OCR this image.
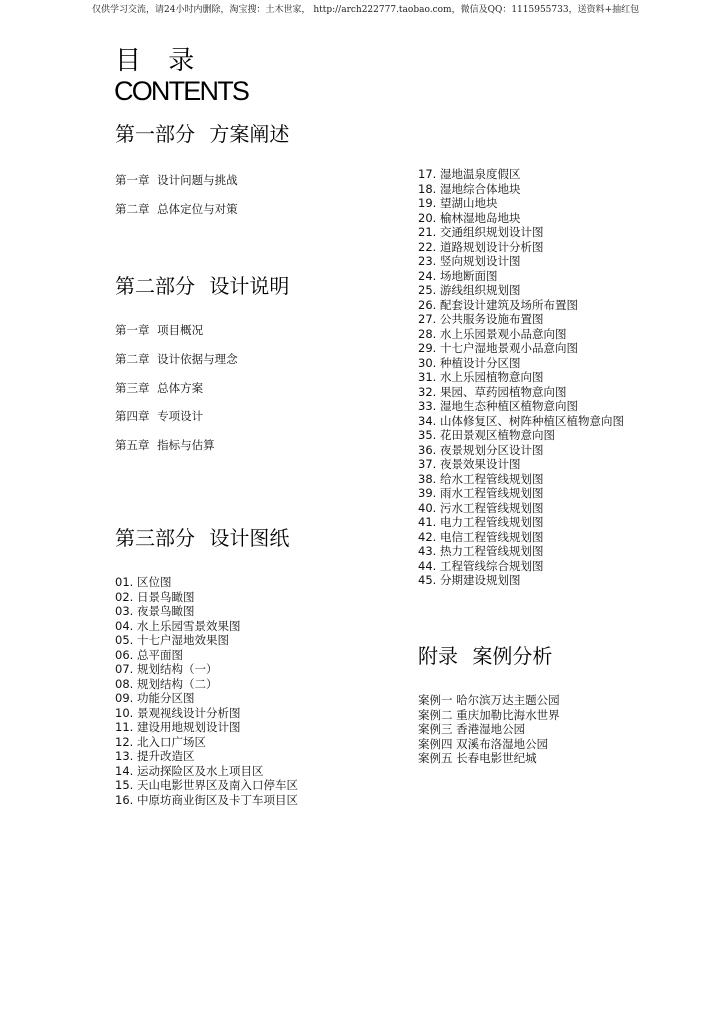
仅供学习交流，请24小时内删除，淘宝搜：土木世家， http://arch222777.taobao.com，微信及QQ：1115955733，送资料+抽红包
目 录
CONTENTS
第一部分 方案阐述
第一章 设计问题与挑战
第二章 总体定位与对策
第二部分 设计说明
第一章 项目概况
第二章 设计依据与理念
第三章 总体方案
第四章 专项设计
第五章 指标与估算
第三部分 设计图纸
01. 区位图
02. 日景鸟瞰图
03. 夜景鸟瞰图
04. 水上乐园雪景效果图
05. 十七户湿地效果图
06. 总平面图
07. 规划结构（一）
08. 规划结构（二）
09. 功能分区图
10. 景观视线设计分析图
11. 建设用地规划设计图
12. 北入口广场区
13. 提升改造区
14. 运动探险区及水上项目区
15. 天山电影世界区及南入口停车区
16. 中原坊商业街区及卡丁车项目区
17. 湿地温泉度假区
18. 湿地综合体地块
19. 望湖山地块
20. 榆林湿地岛地块
21. 交通组织规划设计图
22. 道路规划设计分析图
23. 竖向规划设计图
24. 场地断面图
25. 游线组织规划图
26. 配套设计建筑及场所布置图
27. 公共服务设施布置图
28. 水上乐园景观小品意向图
29. 十七户湿地景观小品意向图
30. 种植设计分区图
31. 水上乐园植物意向图
32. 果园、草药园植物意向图
33. 湿地生态种植区植物意向图
34. 山体修复区、树阵种植区植物意向图
35. 花田景观区植物意向图
36. 夜景规划分区设计图
37. 夜景效果设计图
38. 给水工程管线规划图
39. 雨水工程管线规划图
40. 污水工程管线规划图
41. 电力工程管线规划图
42. 电信工程管线规划图
43. 热力工程管线规划图
44. 工程管线综合规划图
45. 分期建设规划图
附录 案例分析
案例一 哈尔滨万达主题公园
案例二 重庆加勒比海水世界
案例三 香港湿地公园
案例四 双溪布洛湿地公园
案例五 长春电影世纪城
